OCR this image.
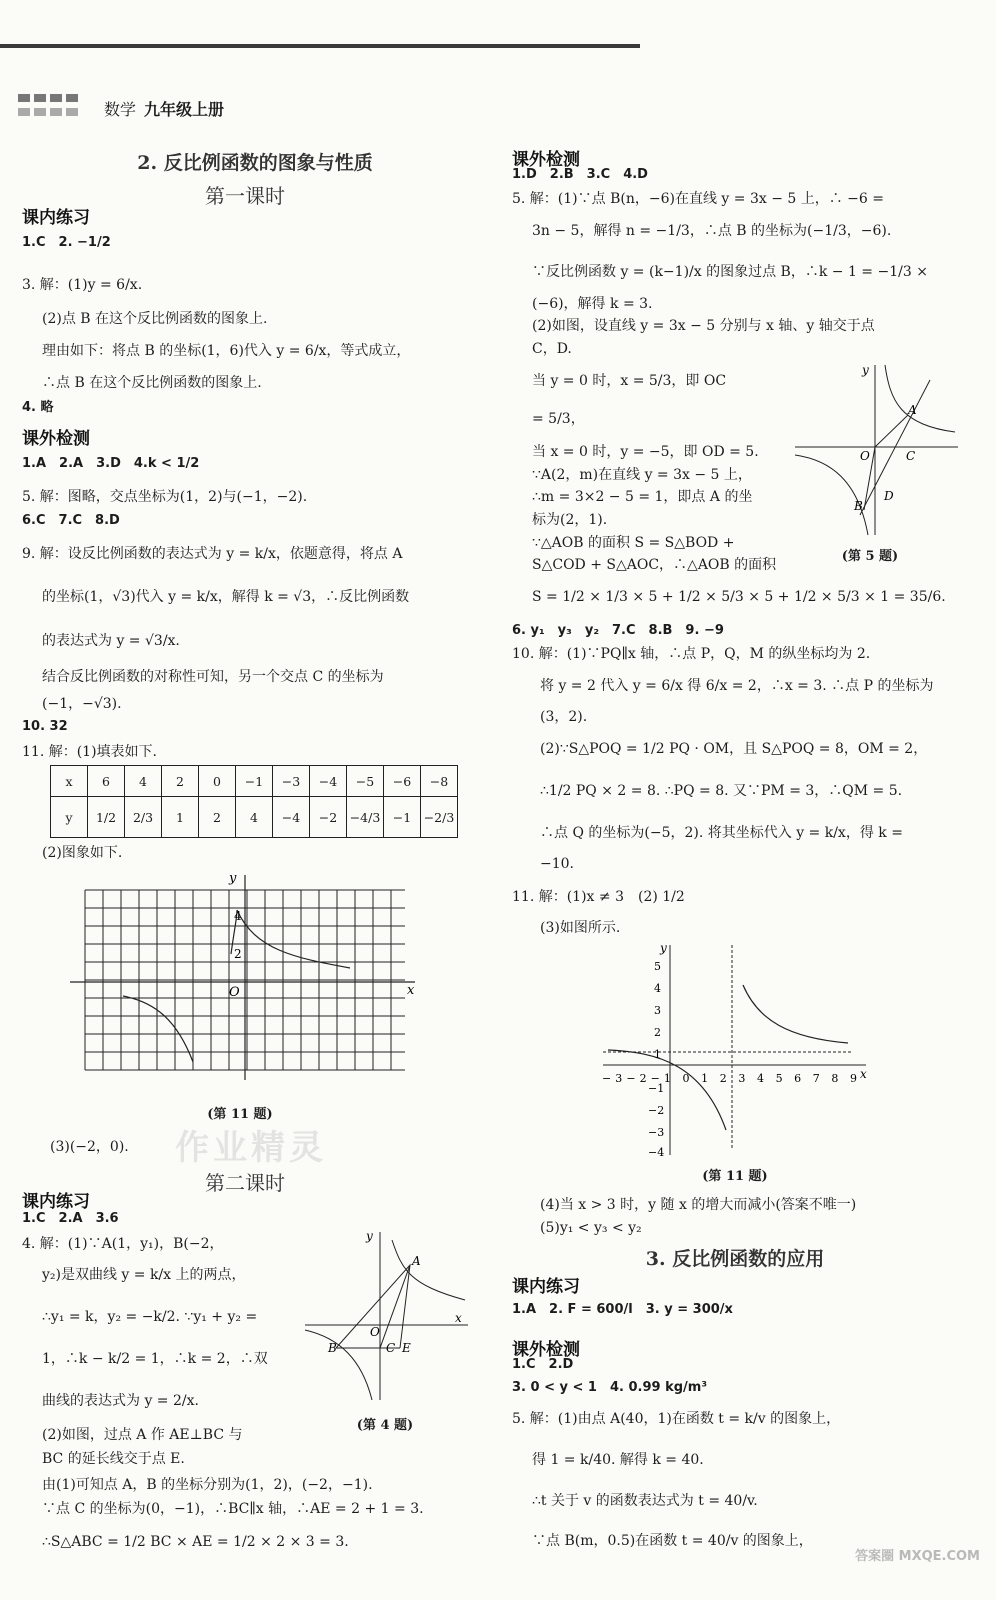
数学 九年级上册
2. 反比例函数的图象与性质
第一课时
课内练习
1.C　2. −1/2
3. 解：(1)y = 6/x.
(2)点 B 在这个反比例函数的图象上.
理由如下：将点 B 的坐标(1，6)代入 y = 6/x，等式成立，
∴点 B 在这个反比例函数的图象上.
4. 略
课外检测
1.A　2.A　3.D　4.k < 1/2
5. 解：图略，交点坐标为(1，2)与(−1，−2).
6.C　7.C　8.D
9. 解：设反比例函数的表达式为 y = k/x，依题意得，将点 A
的坐标(1，√3)代入 y = k/x，解得 k = √3，∴反比例函数
的表达式为 y = √3/x.
结合反比例函数的对称性可知，另一个交点 C 的坐标为
(−1，−√3).
10. 32
11. 解：(1)填表如下.
x	6	4	2	0	−1	−3	−4	−5	−6	−8
y	1/2	2/3	1	2	4	−4	−2	−4/3	−1	−2/3
(2)图象如下.
y
x
O
4
2
(第 11 题)
(3)(−2，0). 作业精灵
第二课时
课内练习
1.C　2.A　3.6
4. 解：(1)∵A(1，y₁)，B(−2，
y₂)是双曲线 y = k/x 上的两点，
∴y₁ = k，y₂ = −k/2. ∵y₁ + y₂ =
1，∴k − k/2 = 1，∴k = 2，∴双
曲线的表达式为 y = 2/x.
(2)如图，过点 A 作 AE⊥BC 与
BC 的延长线交于点 E.
由(1)可知点 A，B 的坐标分别为(1，2)，(−2，−1).
∵点 C 的坐标为(0，−1)，∴BC∥x 轴，∴AE = 2 + 1 = 3.
∴S△ABC = 1/2 BC × AE = 1/2 × 2 × 3 = 3.
y
x
A
B	C E
O
(第 4 题)
课外检测
1.D　2.B　3.C　4.D
5. 解：(1)∵点 B(n，−6)在直线 y = 3x − 5 上，∴ −6 =
3n − 5，解得 n = −1/3，∴点 B 的坐标为(−1/3，−6).
∵反比例函数 y = (k−1)/x 的图象过点 B，∴k − 1 = −1/3 ×
(−6)，解得 k = 3.
(2)如图，设直线 y = 3x − 5 分别与 x 轴、y 轴交于点
C，D.
当 y = 0 时，x = 5/3，即 OC
= 5/3，
当 x = 0 时，y = −5，即 OD = 5.
∵A(2，m)在直线 y = 3x − 5 上，
∴m = 3×2 − 5 = 1，即点 A 的坐
标为(2，1).
∵△AOB 的面积 S = S△BOD +
S△COD + S△AOC，∴△AOB 的面积
S = 1/2 × 1/3 × 5 + 1/2 × 5/3 × 5 + 1/2 × 5/3 × 1 = 35/6.
y
A
B
C
D
O
(第 5 题)
6. y₁　y₃　y₂　7.C　8.B　9. −9
10. 解：(1)∵PQ∥x 轴，∴点 P，Q，M 的纵坐标均为 2.
将 y = 2 代入 y = 6/x 得 6/x = 2，∴x = 3. ∴点 P 的坐标为
(3，2).
(2)∵S△POQ = 1/2 PQ · OM，且 S△POQ = 8，OM = 2，
∴1/2 PQ × 2 = 8. ∴PQ = 8. 又∵PM = 3，∴QM = 5.
∴点 Q 的坐标为(−5，2). 将其坐标代入 y = k/x，得 k =
−10.
11. 解：(1)x ≠ 3　(2) 1/2
(3)如图所示.
y
x
5
4
3
2
1
−1
−2
−3
−4
−3−2−1 0 1 2 3 4 5 6 7 8 9
(第 11 题)
(4)当 x > 3 时，y 随 x 的增大而减小(答案不唯一)
(5)y₁ < y₃ < y₂
3. 反比例函数的应用
课内练习
1.A　2. F = 600/l　3. y = 300/x
课外检测
1.C　2.D
3. 0 < y < 1　4. 0.99 kg/m³
5. 解：(1)由点 A(40，1)在函数 t = k/v 的图象上，
得 1 = k/40. 解得 k = 40.
∴t 关于 v 的函数表达式为 t = 40/v.
∵点 B(m，0.5)在函数 t = 40/v 的图象上，
答案圈 MXQE.COM
